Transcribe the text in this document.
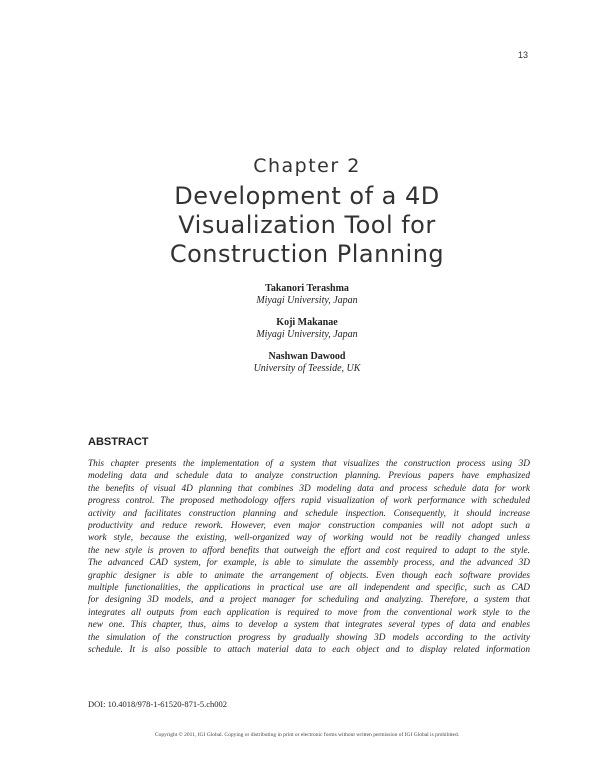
13
Chapter 2
Development of a 4D
Visualization Tool for
Construction Planning
Takanori Terashma
Miyagi University, Japan
Koji Makanae
Miyagi University, Japan
Nashwan Dawood
University of Teesside, UK
ABSTRACT
This chapter presents the implementation of a system that visualizes the construction process using 3D
modeling data and schedule data to analyze construction planning. Previous papers have emphasized
the benefits of visual 4D planning that combines 3D modeling data and process schedule data for work
progress control. The proposed methodology offers rapid visualization of work performance with scheduled
activity and facilitates construction planning and schedule inspection. Consequently, it should increase
productivity and reduce rework. However, even major construction companies will not adopt such a
work style, because the existing, well-organized way of working would not be readily changed unless
the new style is proven to afford benefits that outweigh the effort and cost required to adapt to the style.
The advanced CAD system, for example, is able to simulate the assembly process, and the advanced 3D
graphic designer is able to animate the arrangement of objects. Even though each software provides
multiple functionalities, the applications in practical use are all independent and specific, such as CAD
for designing 3D models, and a project manager for scheduling and analyzing. Therefore, a system that
integrates all outputs from each application is required to move from the conventional work style to the
new one. This chapter, thus, aims to develop a system that integrates several types of data and enables
the simulation of the construction progress by gradually showing 3D models according to the activity
schedule. It is also possible to attach material data to each object and to display related information
DOI: 10.4018/978-1-61520-871-5.ch002
Copyright © 2011, IGI Global. Copying or distributing in print or electronic forms without written permission of IGI Global is prohibited.
